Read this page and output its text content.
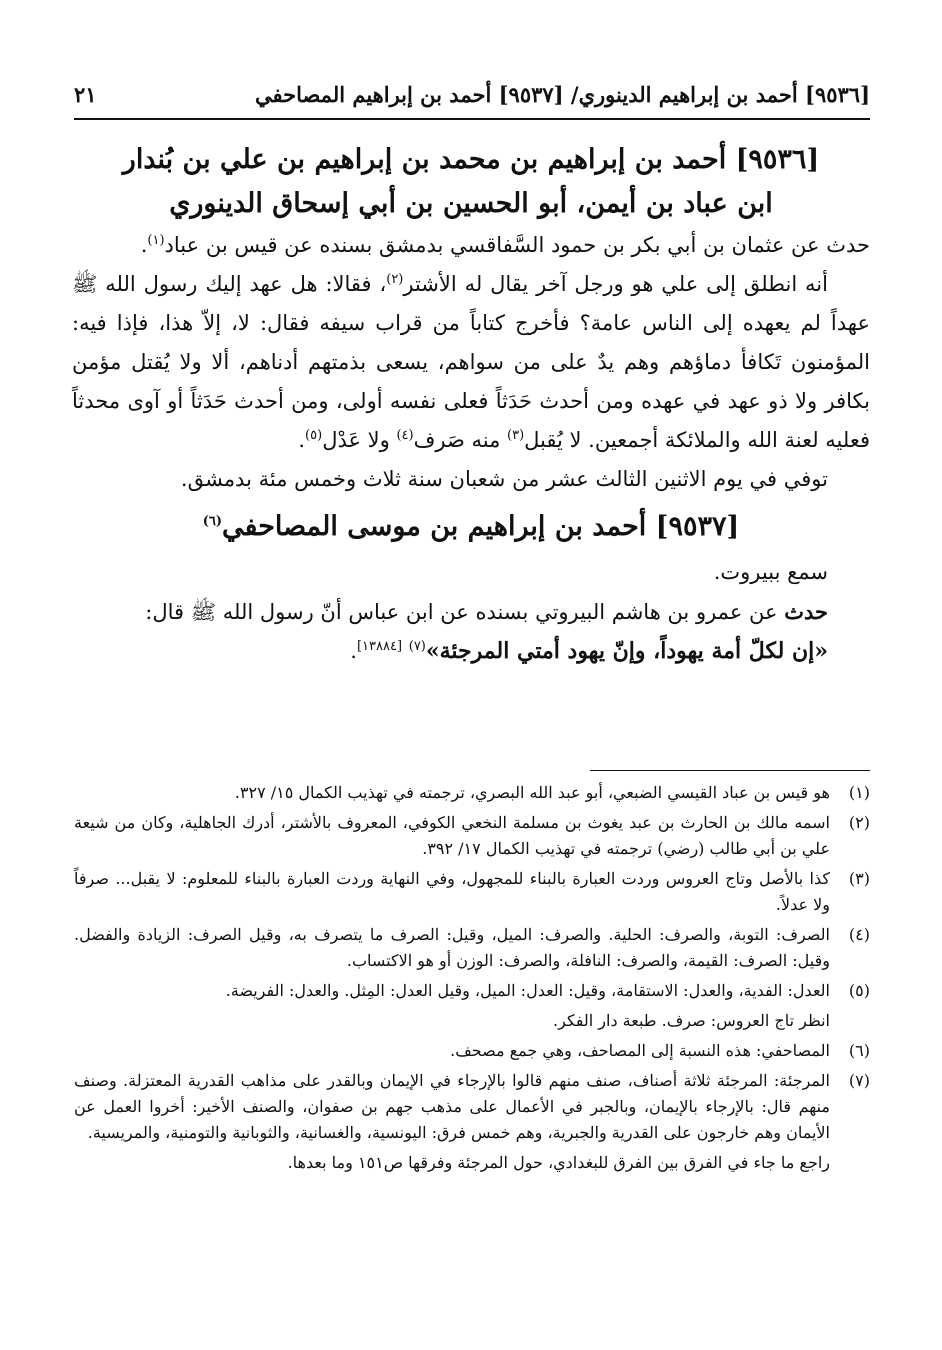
[٩٥٣٦] أحمد بن إبراهيم الدينوري/ [٩٥٣٧] أحمد بن إبراهيم المصاحفي
٢١

[٩٥٣٦] أحمد بن إبراهيم بن محمد بن إبراهيم بن علي بن بُندار

ابن عباد بن أيمن، أبو الحسين بن أبي إسحاق الدينوري

حدث عن عثمان بن أبي بكر بن حمود السَّفاقسي بدمشق بسنده عن قيس بن عباد$^{(١)}$.

أنه انطلق إلى علي هو ورجل آخر يقال له الأشتر$^{(٢)}$، فقالا: هل عهد إليك رسول الله ﷺ عهداً لم يعهده إلى الناس عامة؟ فأخرج كتاباً من قراب سيفه فقال: لا، إلاّ هذا، فإذا فيه: المؤمنون تَكافأ دماؤهم وهم يدٌ على من سواهم، يسعى بذمتهم أدناهم، ألا ولا يُقتل مؤمن بكافر ولا ذو عهد في عهده ومن أحدث حَدَثاً فعلى نفسه أولى، ومن أحدث حَدَثاً أو آوى محدثاً فعليه لعنة الله والملائكة أجمعين. لا يُقبل$^{(٣)}$ منه صَرف$^{(٤)}$ ولا عَدْل$^{(٥)}$.

توفي في يوم الاثنين الثالث عشر من شعبان سنة ثلاث وخمس مئة بدمشق.

[٩٥٣٧] أحمد بن إبراهيم بن موسى المصاحفي$^{(٦)}$

سمع ببيروت.

حدث عن عمرو بن هاشم البيروتي بسنده عن ابن عباس أنّ رسول الله ﷺ قال:

«إن لكلّ أمة يهوداً، وإنّ يهود أمتي المرجئة»$^{(٧)}$ [١٣٨٨٤].

(١)
هو قيس بن عباد القيسي الضبعي، أبو عبد الله البصري، ترجمته في تهذيب الكمال ١٥/ ٣٢٧.
(٢)
اسمه مالك بن الحارث بن عبد يغوث بن مسلمة النخعي الكوفي، المعروف بالأشتر، أدرك الجاهلية، وكان من شيعة علي بن أبي طالب (رضي) ترجمته في تهذيب الكمال ١٧/ ٣٩٢.
(٣)
كذا بالأصل وتاج العروس وردت العبارة بالبناء للمجهول، وفي النهاية وردت العبارة بالبناء للمعلوم: لا يقبل... صرفاً ولا عدلاً.
(٤)
الصرف: التوبة، والصرف: الحلية. والصرف: الميل، وقيل: الصرف ما يتصرف به، وقيل الصرف: الزيادة والفضل. وقيل: الصرف: القيمة، والصرف: النافلة، والصرف: الوزن أو هو الاكتساب.
(٥)
العدل: الفدية، والعدل: الاستقامة، وقيل: العدل: الميل، وقيل العدل: المِثل. والعدل: الفريضة.
انظر تاج العروس: صرف. طبعة دار الفكر.
(٦)
المصاحفي: هذه النسبة إلى المصاحف، وهي جمع مصحف.
(٧)
المرجئة: المرجئة ثلاثة أصناف، صنف منهم قالوا بالإرجاء في الإيمان وبالقدر على مذاهب القدرية المعتزلة. وصنف منهم قال: بالإرجاء بالإيمان، وبالجبر في الأعمال على مذهب جهم بن صفوان، والصنف الأخير: أخروا العمل عن الأيمان وهم خارجون على القدرية والجبرية، وهم خمس فرق: اليونسية، والغسانية، والثوبانية والتومنية، والمريسية.
راجع ما جاء في الفرق بين الفرق للبغدادي، حول المرجئة وفرقها ص١٥١ وما بعدها.
